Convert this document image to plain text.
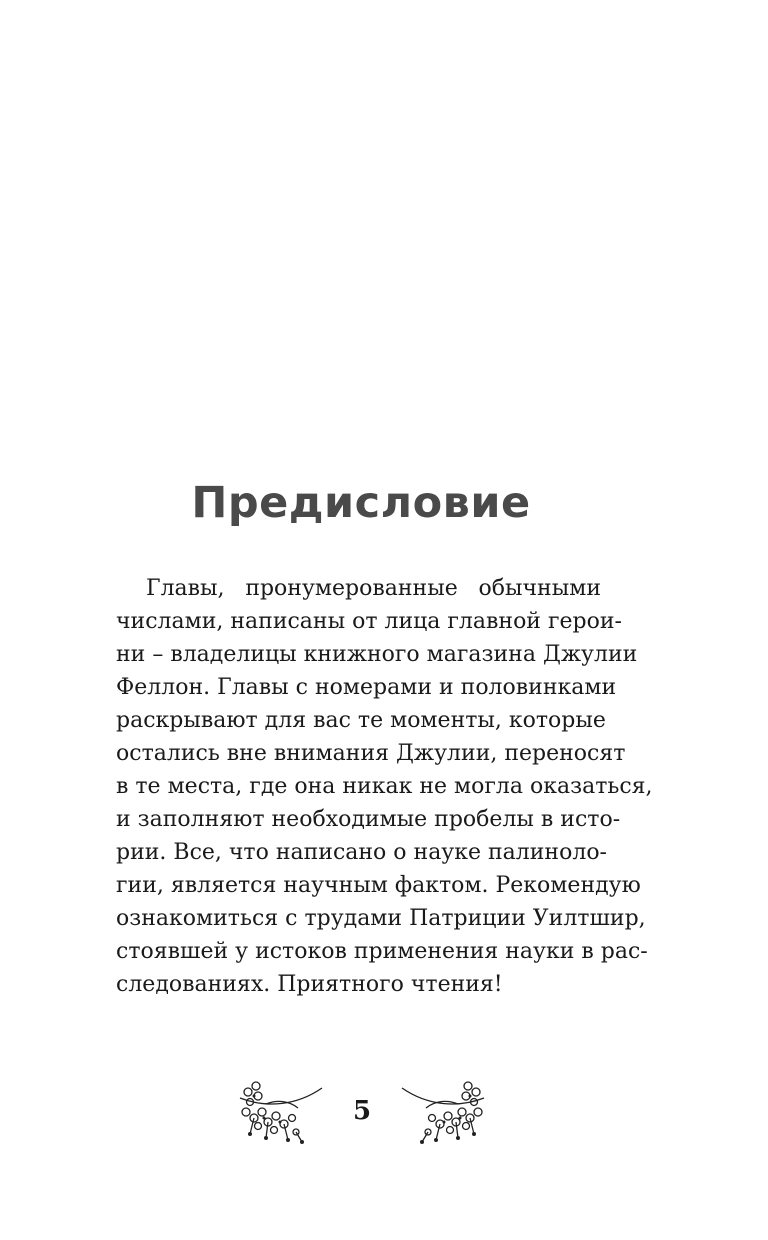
Предисловие
Главы, пронумерованные обычными
числами, написаны от лица главной герои-
ни – владелицы книжного магазина Джулии
Феллон. Главы с номерами и половинками
раскрывают для вас те моменты, которые
остались вне внимания Джулии, переносят
в те места, где она никак не могла оказаться,
и заполняют необходимые пробелы в исто-
рии. Все, что написано о науке палиноло-
гии, является научным фактом. Рекомендую
ознакомиться с трудами Патриции Уилтшир,
стоявшей у истоков применения науки в рас-
следованиях. Приятного чтения!
5
